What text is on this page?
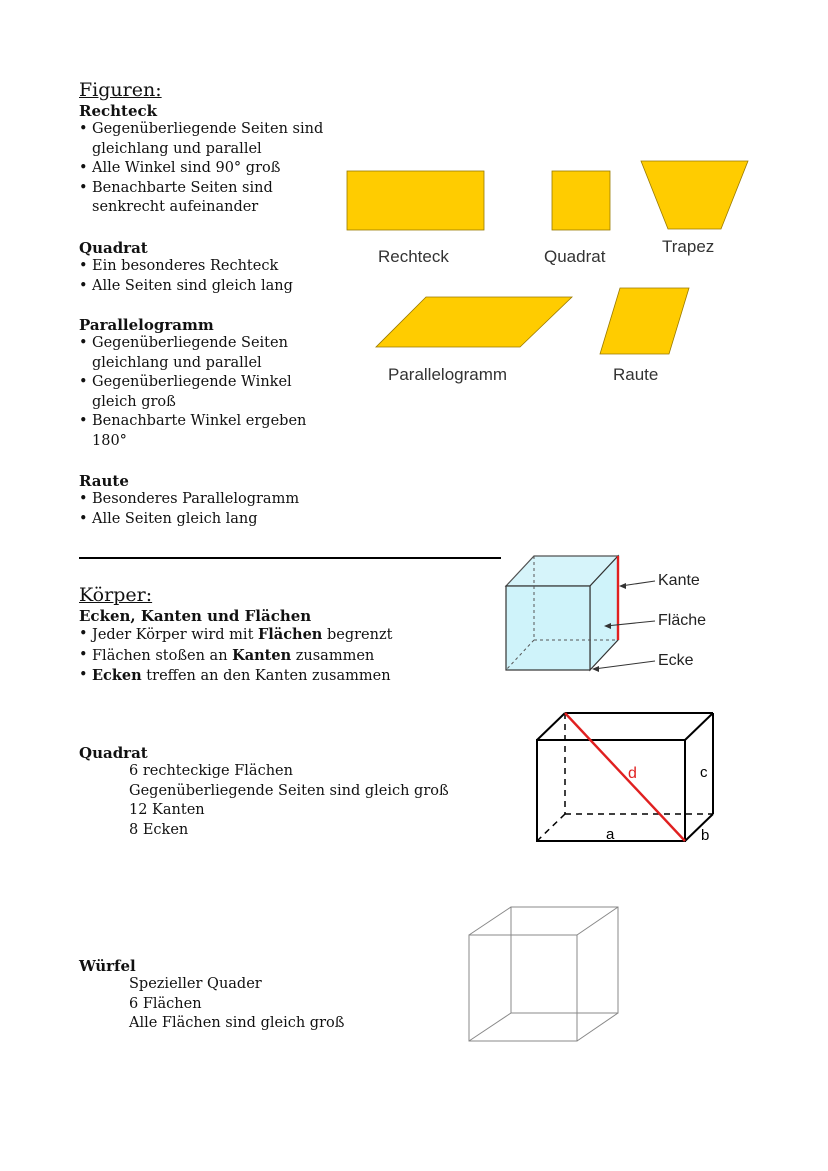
Figuren:
Rechteck
• Gegenüberliegende Seiten sind gleichlang und parallel
• Alle Winkel sind 90° groß
• Benachbarte Seiten sind senkrecht aufeinander
Quadrat
• Ein besonderes Rechteck
• Alle Seiten sind gleich lang
Parallelogramm
• Gegenüberliegende Seiten gleichlang und parallel
• Gegenüberliegende Winkel gleich groß
• Benachbarte Winkel ergeben 180°
Raute
• Besonderes Parallelogramm
• Alle Seiten gleich lang
Rechteck	Quadrat
Trapez
Parallelogramm	Raute
Körper:
Ecken, Kanten und Flächen
• Jeder Körper wird mit Flächen begrenzt
• Flächen stoßen an Kanten zusammen
• Ecken treffen an den Kanten zusammen
Kante
Fläche
Ecke
Quadrat
6 rechteckige Flächen
Gegenüberliegende Seiten sind gleich groß
12 Kanten
8 Ecken
d	c
a	b
Würfel
Spezieller Quader
6 Flächen
Alle Flächen sind gleich groß
